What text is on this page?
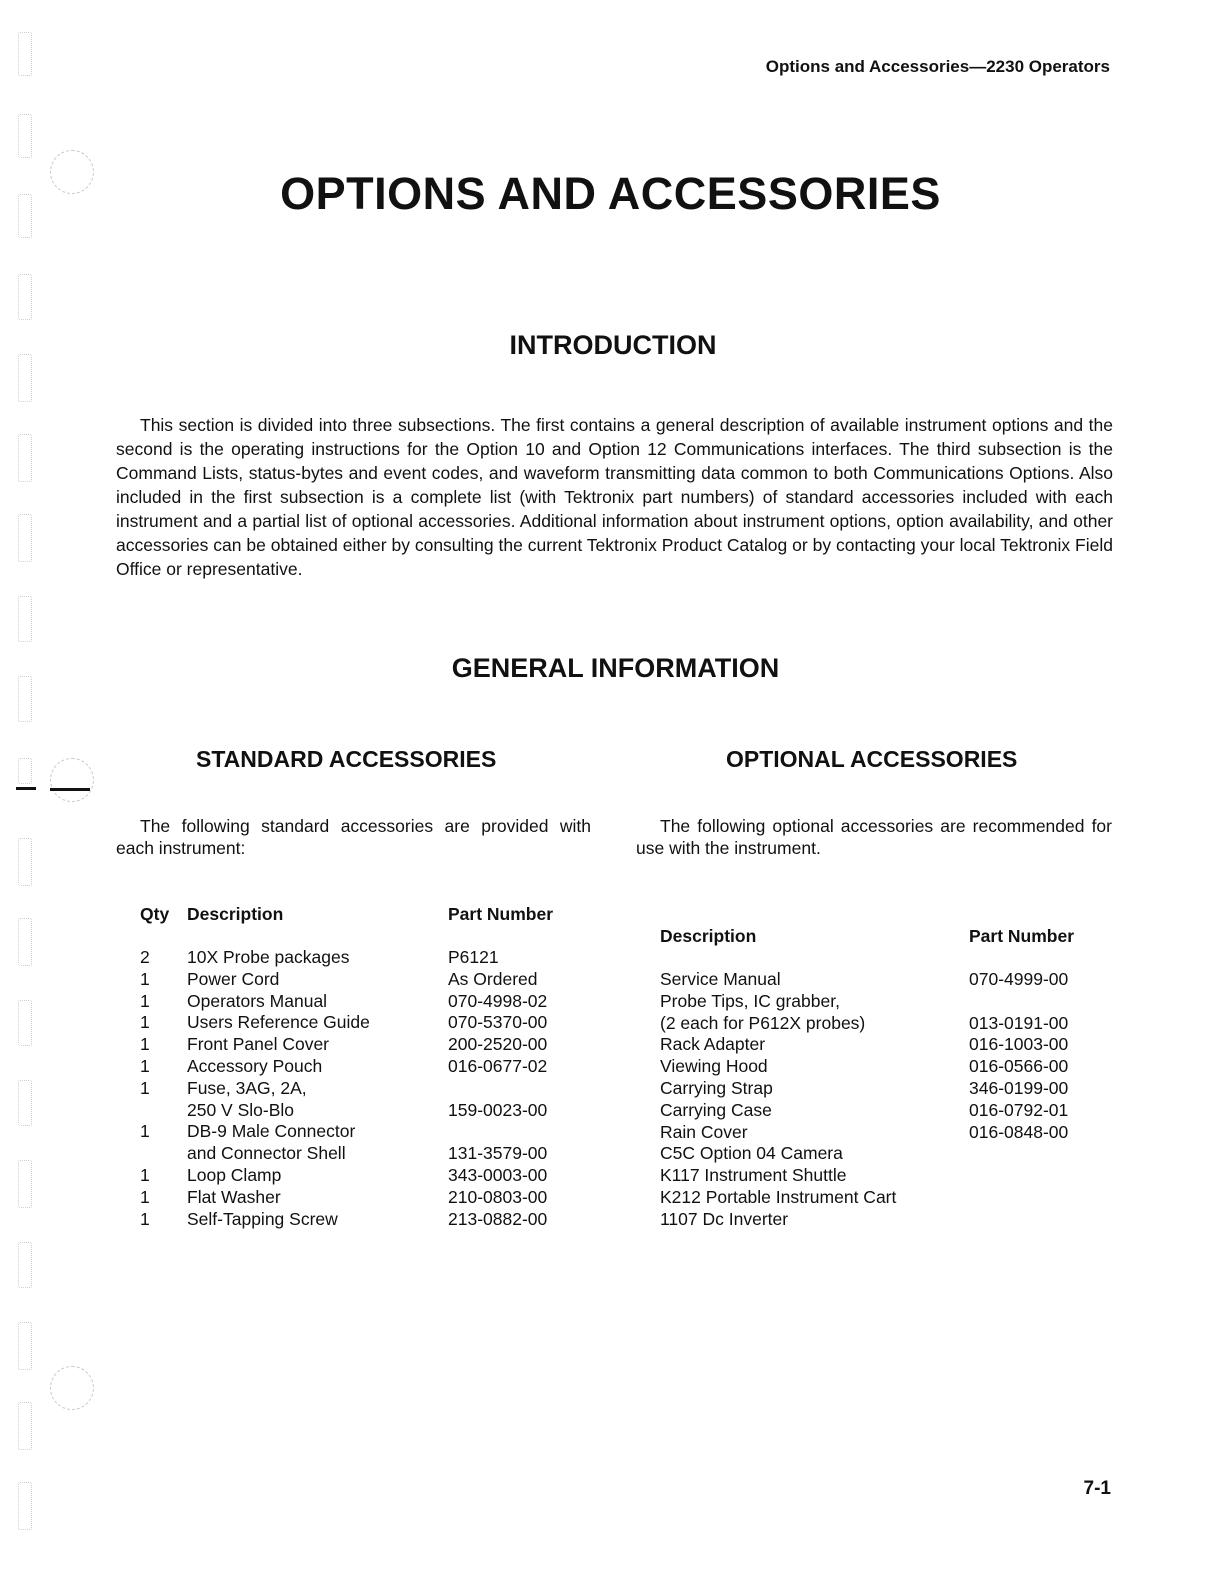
Options and Accessories—2230 Operators
OPTIONS AND ACCESSORIES
INTRODUCTION

This section is divided into three subsections. The first contains a general description of available instrument options and the second is the operating instructions for the Option 10 and Option 12 Communications interfaces. The third subsection is the Command Lists, status-bytes and event codes, and waveform transmitting data common to both Communications Options. Also included in the first subsection is a complete list (with Tektronix part numbers) of standard accessories included with each instrument and a partial list of optional accessories. Additional information about instrument options, option availability, and other accessories can be obtained either by consulting the current Tektronix Product Catalog or by contacting your local Tektronix Field Office or representative.

GENERAL INFORMATION
STANDARD ACCESSORIES	OPTIONAL ACCESSORIES

The following standard accessories are provided with each instrument:

The following optional accessories are recommended for use with the instrument.

Qty Description	Part Number
2 10X Probe packages	P6121
1 Power Cord	As Ordered
1 Operators Manual	070-4998-02
1 Users Reference Guide	070-5370-00
1 Front Panel Cover	200-2520-00
1 Accessory Pouch	016-0677-02
1 Fuse, 3AG, 2A,
250 V Slo-Blo	159-0023-00
1 DB-9 Male Connector
and Connector Shell	131-3579-00
1 Loop Clamp	343-0003-00
1 Flat Washer	210-0803-00
1 Self-Tapping Screw	213-0882-00
Description	Part Number
Service Manual	070-4999-00
Probe Tips, IC grabber,
(2 each for P612X probes)	013-0191-00
Rack Adapter	016-1003-00
Viewing Hood	016-0566-00
Carrying Strap	346-0199-00
Carrying Case	016-0792-01
Rain Cover	016-0848-00
C5C Option 04 Camera
K117 Instrument Shuttle
K212 Portable Instrument Cart
1107 Dc Inverter
7-1
